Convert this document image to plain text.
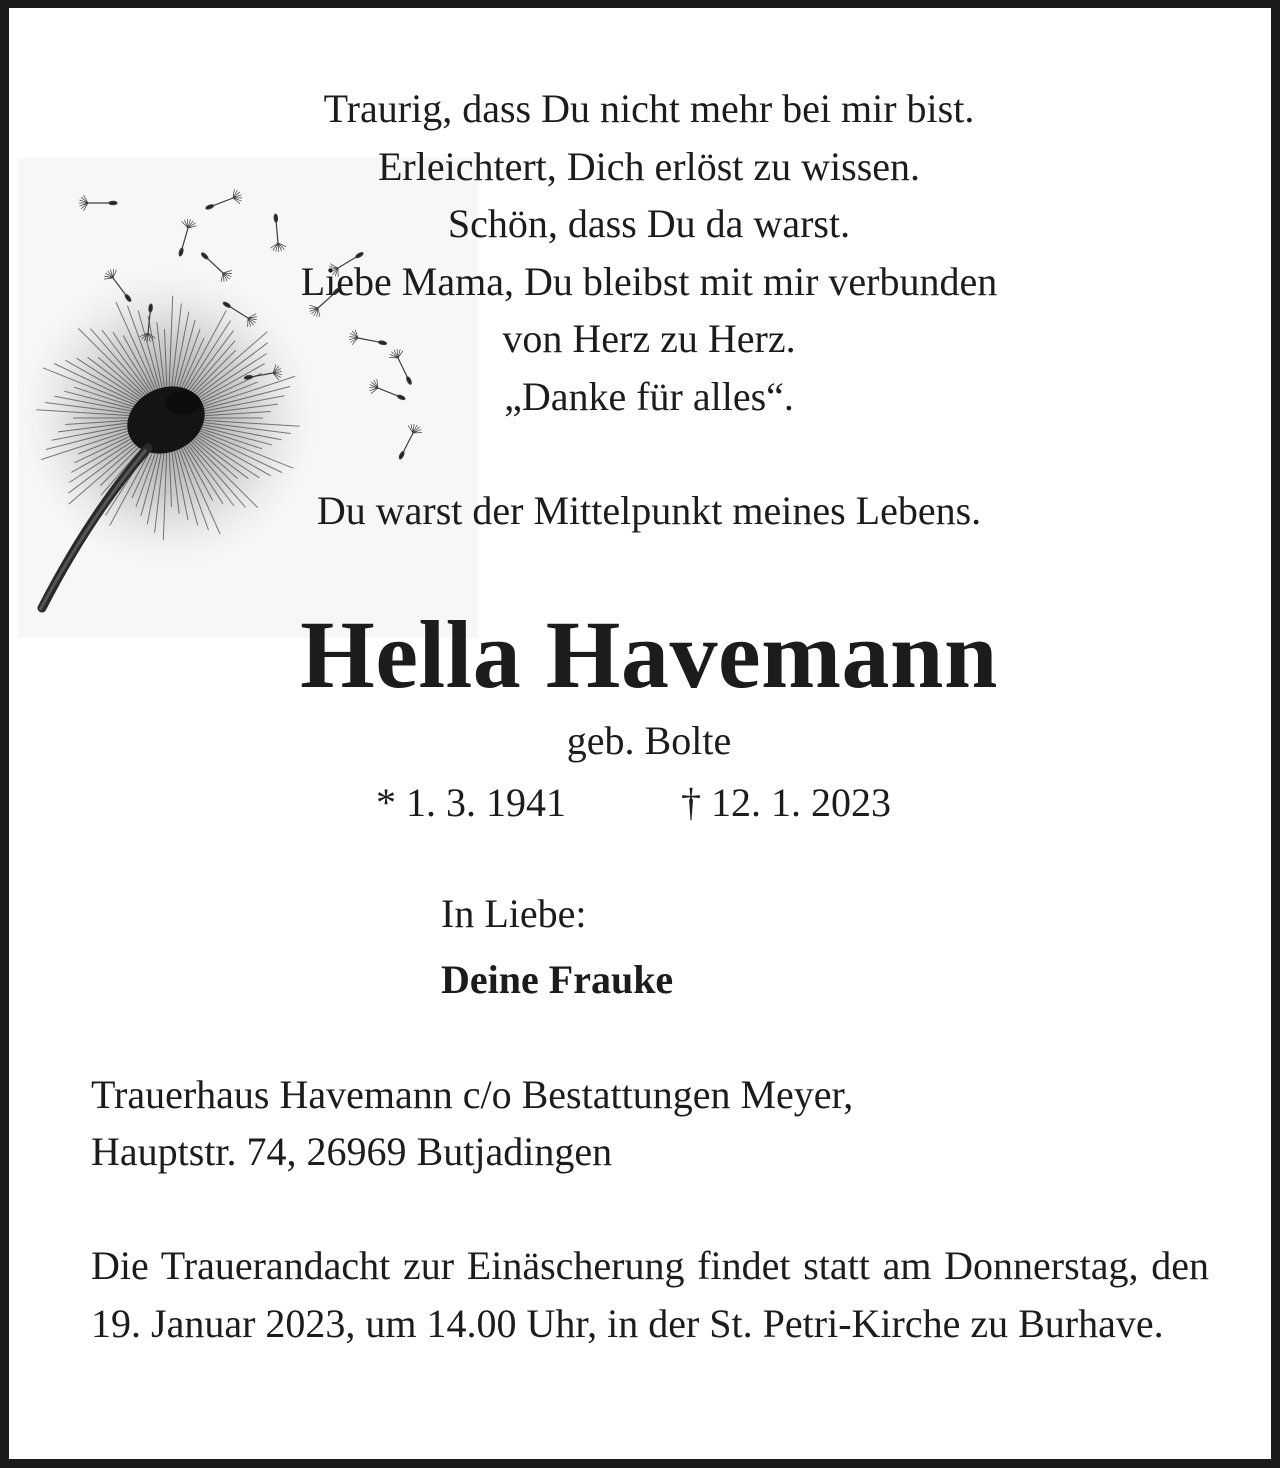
Traurig, dass Du nicht mehr bei mir bist.
Erleichtert, Dich erlöst zu wissen.
Schön, dass Du da warst.
Liebe Mama, Du bleibst mit mir verbunden
von Herz zu Herz.
„Danke für alles“.
Du warst der Mittelpunkt meines Lebens.
Hella Havemann
geb. Bolte
* 1. 3. 1941	† 12. 1. 2023
In Liebe:
Deine Frauke
Trauerhaus Havemann c/o Bestattungen Meyer,
Hauptstr. 74, 26969 Butjadingen
Die Trauerandacht zur Einäscherung findet statt am Donnerstag, den 19. Januar 2023, um 14.00 Uhr, in der St. Petri-Kirche zu Burhave.
